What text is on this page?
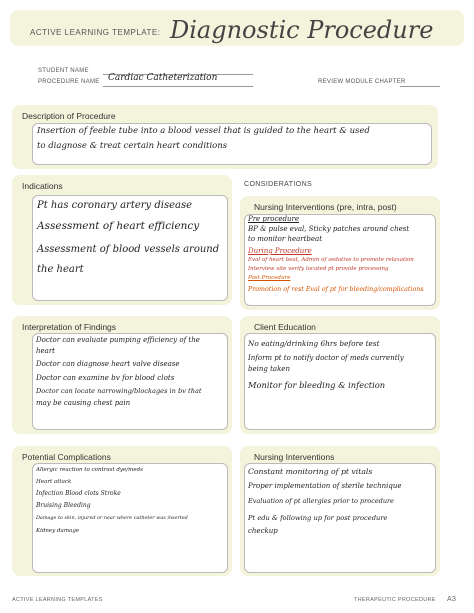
ACTIVE LEARNING TEMPLATE: Diagnostic Procedure
STUDENT NAME
PROCEDURE NAME Cardiac Catheterization	REVIEW MODULE CHAPTER
Description of Procedure
Insertion of feeble tube into a blood vessel that is guided to the heart & used
to diagnose & treat certain heart conditions
Indications
Pt has coronary artery disease
Assessment of heart efficiency
Assessment of blood vessels around
the heart
CONSIDERATIONS
Nursing Interventions (pre, intra, post)
Pre procedure
BP & pulse eval, Sticky patches around chest
to monitor heartbeat
During Procedure
Eval of heart beat, Admin of sedative to promote relaxation
Interview site verify located pt provide processing
Post Procedure
Promotion of rest Eval of pt for bleeding/complications
Interpretation of Findings
Doctor can evaluate pumping efficiency of the
heart
Doctor can diagnose heart valve disease
Doctor can examine bv for blood clots
Doctor can locate narrowing/blockages in bv that
may be causing chest pain
Client Education
No eating/drinking 6hrs before test
Inform pt to notify doctor of meds currently
being taken
Monitor for bleeding & infection
Potential Complications
Allergic reaction to contrast dye/meds
Heart attack
Infection Blood clots Stroke
Bruising Bleeding
Damage to skin, injured or near where catheter was inserted
Kidney damage
Nursing Interventions
Constant monitoring of pt vitals
Proper implementation of sterile technique
Evaluation of pt allergies prior to procedure
Pt edu & following up for post procedure
checkup
ACTIVE LEARNING TEMPLATES	THERAPEUTIC PROCEDURE A3
